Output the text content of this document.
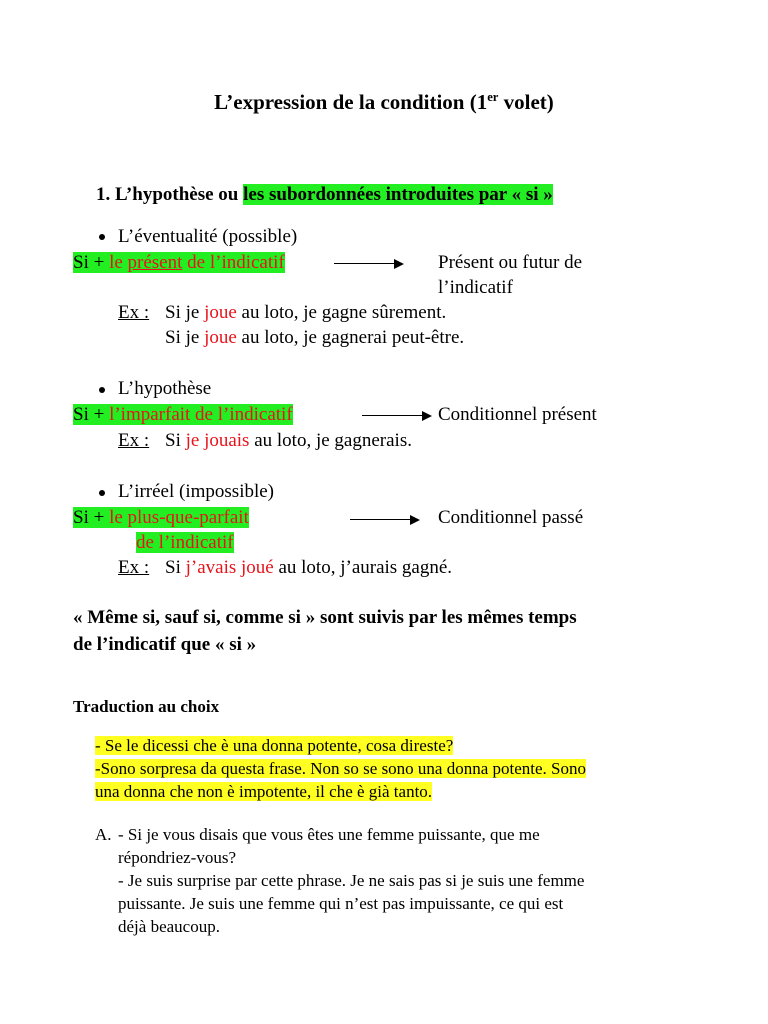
L’expression de la condition (1er volet)
1. L’hypothèse ou les subordonnées introduites par « si »
L’éventualité (possible)
Si + le présent de l’indicatif	Présent ou futur de
l’indicatif
Ex : Si je joue au loto, je gagne sûrement.
Si je joue au loto, je gagnerai peut-être.
L’hypothèse
Si + l’imparfait de l’indicatif	Conditionnel présent
Ex : Si je jouais au loto, je gagnerais.
L’irréel (impossible)
Si + le plus-que-parfait	Conditionnel passé
de l’indicatif
Ex : Si j’avais joué au loto, j’aurais gagné.
« Même si, sauf si, comme si » sont suivis par les mêmes temps
de l’indicatif que « si »
Traduction au choix
- Se le dicessi che è una donna potente, cosa direste?
-Sono sorpresa da questa frase. Non so se sono una donna potente. Sono
una donna che non è impotente, il che è già tanto.
A. - Si je vous disais que vous êtes une femme puissante, que me
répondriez-vous?
- Je suis surprise par cette phrase. Je ne sais pas si je suis une femme
puissante. Je suis une femme qui n’est pas impuissante, ce qui est
déjà beaucoup.
